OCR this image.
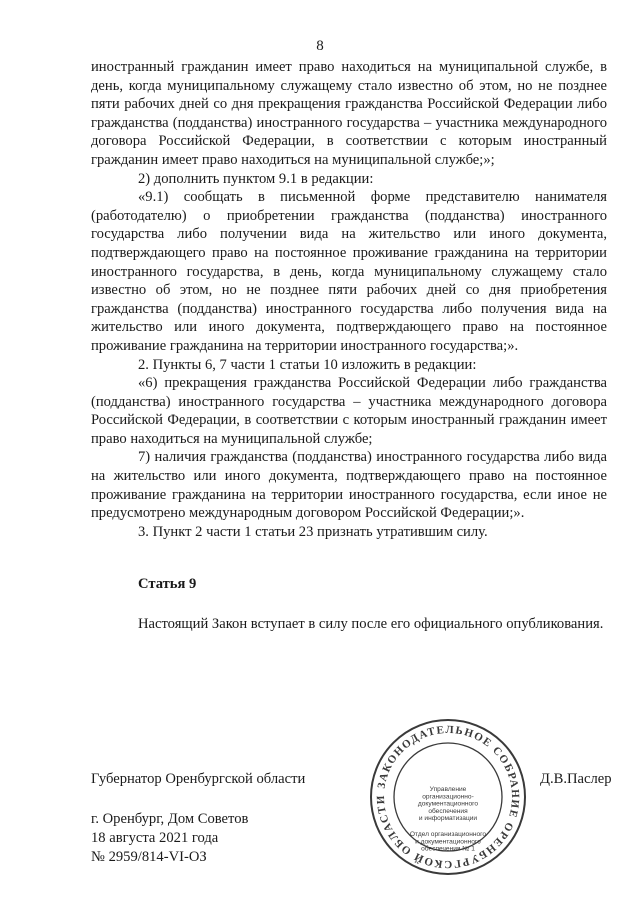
8

иностранный гражданин имеет право находиться на муниципальной службе, в день, когда муниципальному служащему стало известно об этом, но не позднее пяти рабочих дней со дня прекращения гражданства Российской Федерации либо гражданства (подданства) иностранного государства – участника международного договора Российской Федерации, в соответствии с которым иностранный гражданин имеет право находиться на муниципальной службе;»;

2) дополнить пунктом 9.1 в редакции:

«9.1) сообщать в письменной форме представителю нанимателя (работодателю) о приобретении гражданства (подданства) иностранного государства либо получении вида на жительство или иного документа, подтверждающего право на постоянное проживание гражданина на территории иностранного государства, в день, когда муниципальному служащему стало известно об этом, но не позднее пяти рабочих дней со дня приобретения гражданства (подданства) иностранного государства либо получения вида на жительство или иного документа, подтверждающего право на постоянное проживание гражданина на территории иностранного государства;».

2. Пункты 6, 7 части 1 статьи 10 изложить в редакции:

«6) прекращения гражданства Российской Федерации либо гражданства (подданства) иностранного государства – участника международного договора Российской Федерации, в соответствии с которым иностранный гражданин имеет право находиться на муниципальной службе;

7) наличия гражданства (подданства) иностранного государства либо вида на жительство или иного документа, подтверждающего право на постоянное проживание гражданина на территории иностранного государства, если иное не предусмотрено международным договором Российской Федерации;».

3. Пункт 2 части 1 статьи 23 признать утратившим силу.

Статья 9
Настоящий Закон вступает в силу после его официального опубликования.
Губернатор Оренбургской области	Д.В.Паслер
г. Оренбург, Дом Советов
18 августа 2021 года
№ 2959/814-VI-ОЗ
ЗАКОНОДАТЕЛЬНОЕ СОБРАНИЕ ОРЕНБУРГСКОЙ ОБЛАСТИ
Управление
организационно-
документационного
обеспечения
и информатизации
Отдел организационного
и документационного
обеспечения № 1
